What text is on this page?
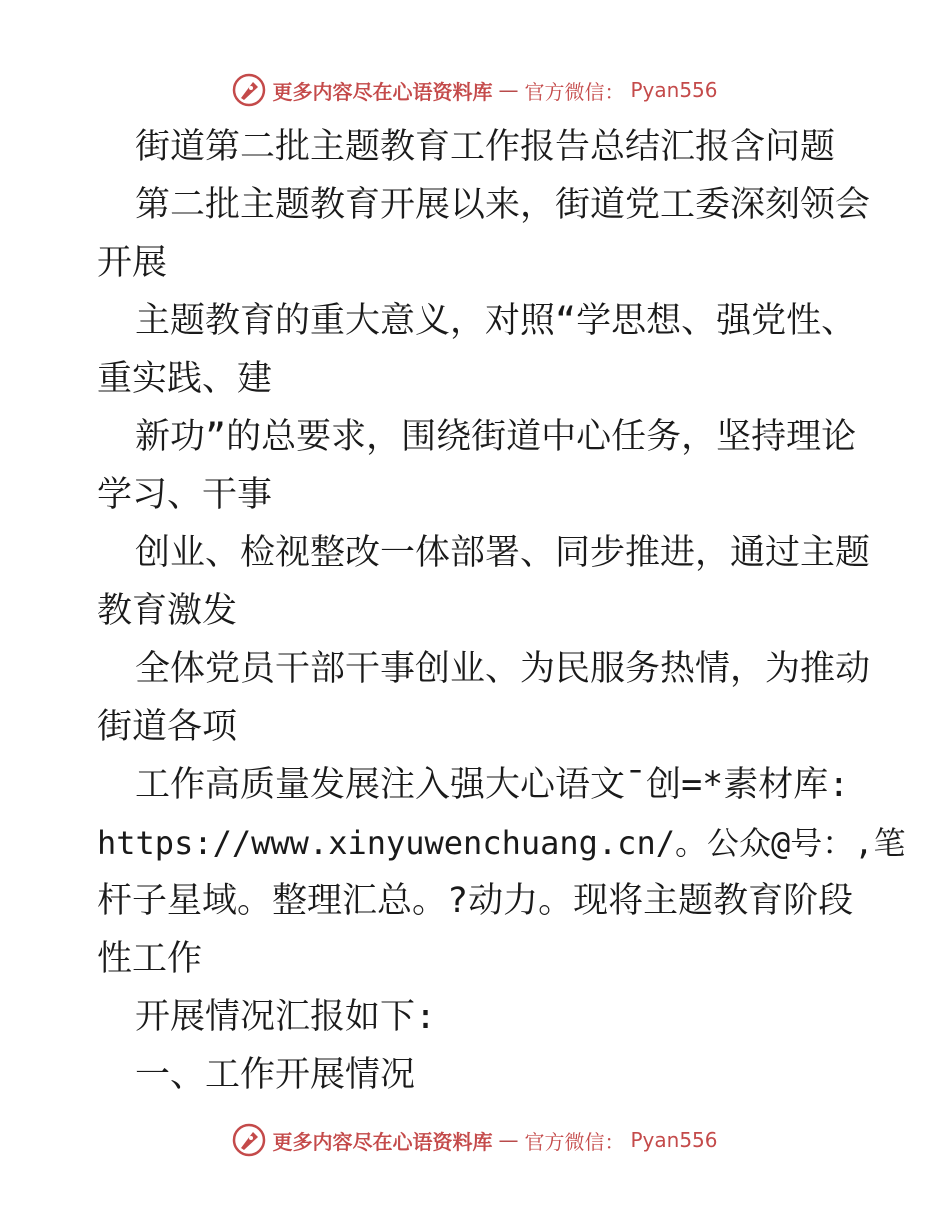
更多内容尽在心语资料库 — 官方微信： Pyan556
街道第二批主题教育工作报告总结汇报含问题
第二批主题教育开展以来，街道党工委深刻领会
开展
主题教育的重大意义，对照“学思想、强党性、
重实践、建
新功”的总要求，围绕街道中心任务，坚持理论
学习、干事
创业、检视整改一体部署、同步推进，通过主题
教育激发
全体党员干部干事创业、为民服务热情，为推动
街道各项
工作高质量发展注入强大心语文¯创=*素材库:
https://www.xinyuwenchuang.cn/。公众@号：,笔
杆子星域。整理汇总。?动力。现将主题教育阶段
性工作
开展情况汇报如下:
一、工作开展情况
更多内容尽在心语资料库 — 官方微信： Pyan556
